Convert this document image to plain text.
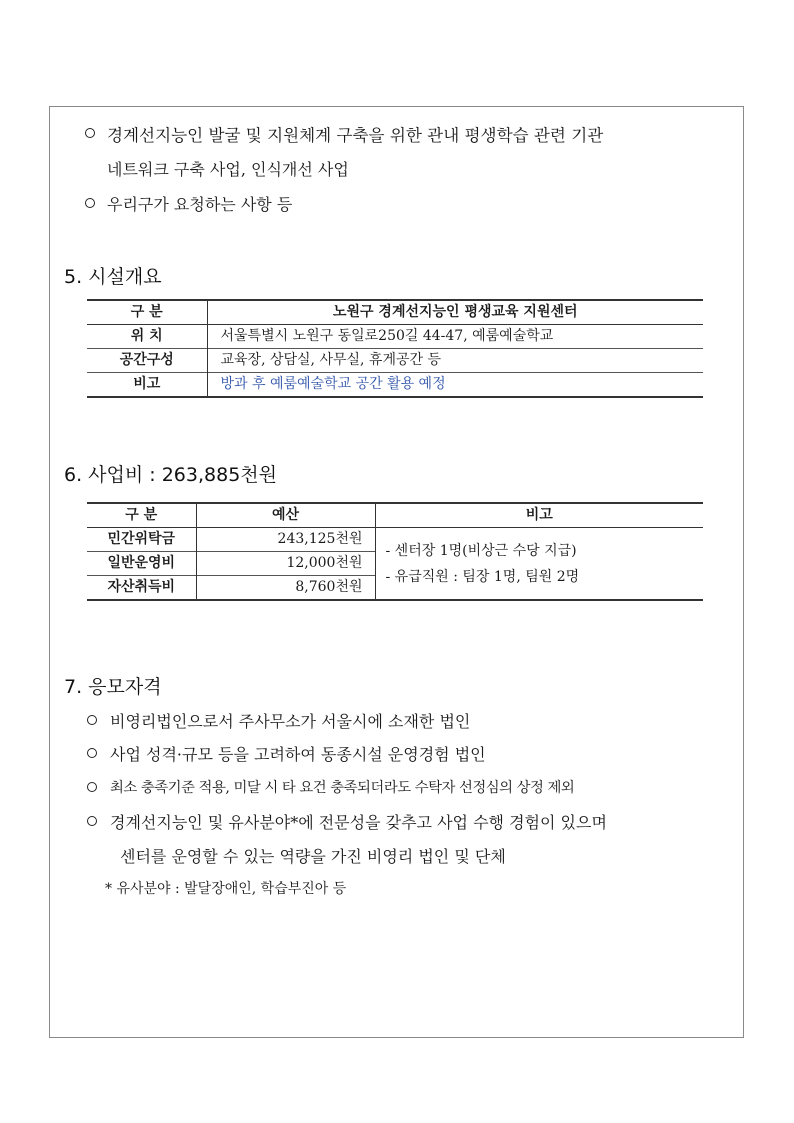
경계선지능인 발굴 및 지원체계 구축을 위한 관내 평생학습 관련 기관
네트워크 구축 사업, 인식개선 사업
우리구가 요청하는 사항 등
5. 시설개요
구 분	노원구 경계선지능인 평생교육 지원센터
위 치	서울특별시 노원구 동일로250길 44-47, 예룸예술학교
공간구성	교육장, 상담실, 사무실, 휴게공간 등
비고	방과 후 예룸예술학교 공간 활용 예정
6. 사업비 : 263,885천원
구 분	예산	비고
민간위탁금	243,125천원	- 센터장 1명(비상근 수당 지급)
- 유급직원 : 팀장 1명, 팀원 2명

일반운영비	12,000천원	
자산취득비	8,760천원	
7. 응모자격
비영리법인으로서 주사무소가 서울시에 소재한 법인
사업 성격·규모 등을 고려하여 동종시설 운영경험 법인
최소 충족기준 적용, 미달 시 타 요건 충족되더라도 수탁자 선정심의 상정 제외
경계선지능인 및 유사분야*에 전문성을 갖추고 사업 수행 경험이 있으며
센터를 운영할 수 있는 역량을 가진 비영리 법인 및 단체
* 유사분야 : 발달장애인, 학습부진아 등
